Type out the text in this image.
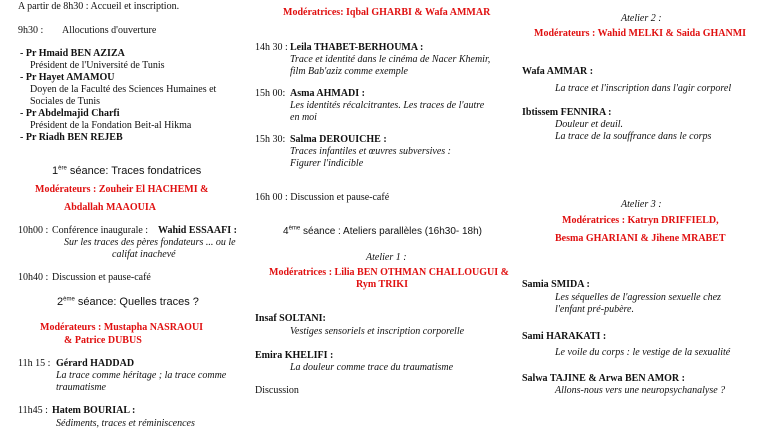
A partir de 8h30 : Accueil et inscription.
9h30 : Allocutions d'ouverture
- Pr Hmaid BEN AZIZA
Président de l'Université de Tunis
- Pr Hayet AMAMOU
Doyen de la Faculté des Sciences Humaines et
Sociales de Tunis
- Pr Abdelmajid Charfi
Président de la Fondation Beit-al Hikma
- Pr Riadh BEN REJEB
1ère séance: Traces fondatrices
Modérateurs : Zouheir El HACHEMI &
Abdallah MAAOUIA
10h00 : Conférence inaugurale : Wahid ESSAAFI :
Sur les traces des pères fondateurs ... ou le
califat inachevé
10h40 : Discussion et pause-café
2ème séance: Quelles traces ?
Modérateurs : Mustapha NASRAOUI
& Patrice DUBUS
11h 15 : Gérard HADDAD
La trace comme héritage ; la trace comme
traumatisme
11h45 : Hatem BOURIAL :
Sédiments, traces et réminiscences
Modératrices: Iqbal GHARBI & Wafa AMMAR
14h 30 : Leila THABET-BERHOUMA :
Trace et identité dans le cinéma de Nacer Khemir,
film Bab'aziz comme exemple
15h 00: Asma AHMADI :
Les identités récalcitrantes. Les traces de l'autre
en moi
15h 30: Salma DEROUICHE :
Traces infantiles et œuvres subversives :
Figurer l'indicible
16h 00 : Discussion et pause-café
4ème séance : Ateliers parallèles (16h30- 18h)
Atelier 1 :
Modératrices : Lilia BEN OTHMAN CHALLOUGUI &
Rym TRIKI
Insaf SOLTANI:
Vestiges sensoriels et inscription corporelle
Emira KHELIFI :
La douleur comme trace du traumatisme
Discussion
Atelier 2 :
Modérateurs : Wahid MELKI & Saida GHANMI
Wafa AMMAR :
La trace et l'inscription dans l'agir corporel
Ibtissem FENNIRA :
Douleur et deuil.
La trace de la souffrance dans le corps
Atelier 3 :
Modératrices : Katryn DRIFFIELD,
Besma GHARIANI & Jihene MRABET
Samia SMIDA :
Les séquelles de l'agression sexuelle chez
l'enfant pré-pubère.
Sami HARAKATI :
Le voile du corps : le vestige de la sexualité
Salwa TAJINE & Arwa BEN AMOR :
Allons-nous vers une neuropsychanalyse ?
